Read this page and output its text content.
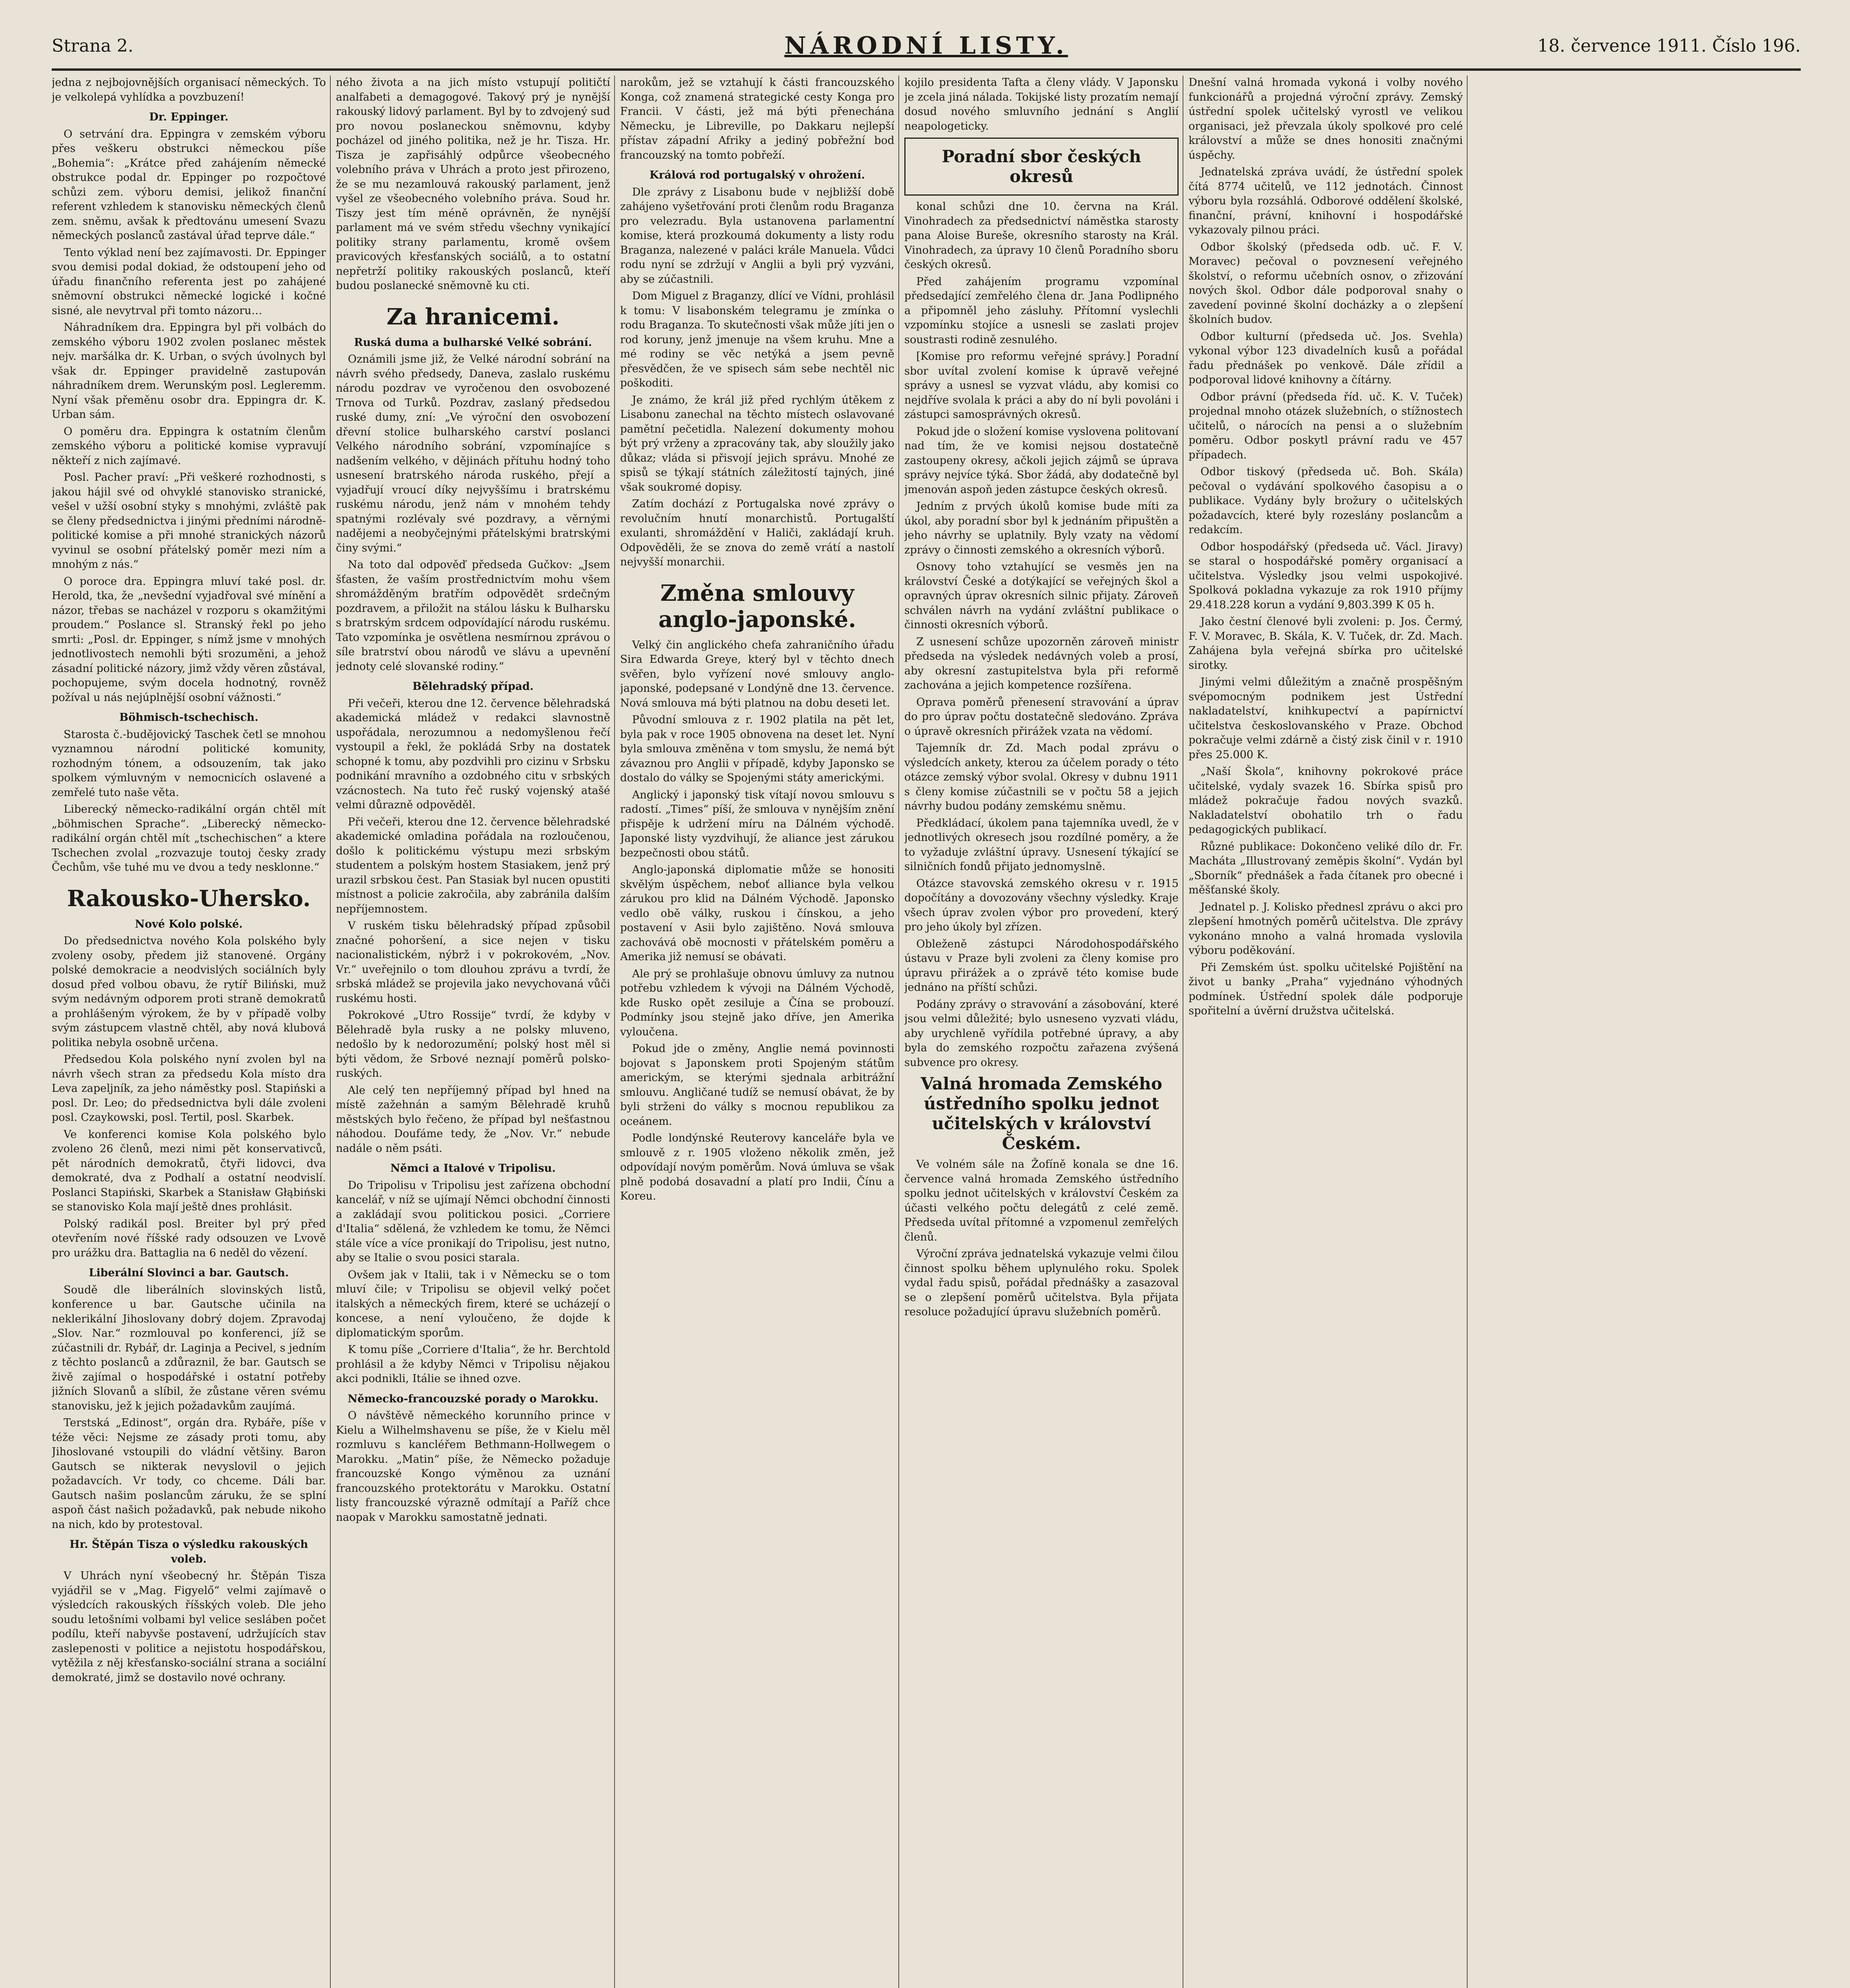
Strana 2.	NÁRODNÍ LISTY.	18. července 1911. Číslo 196.

jedna z nejbojovnějších organisací německých. To je velkolepá vyhlídka a povzbuzení!

Dr. Eppinger.

O setrvání dra. Eppingra v zemském výboru přes veškeru obstrukci německou píše „Bohemia“: „Krátce před zahájením německé obstrukce podal dr. Eppinger po rozpočtové schůzi zem. výboru demisi, jelikož finanční referent vzhledem k stanovisku německých členů zem. sněmu, avšak k předtovánu umesení Svazu německých poslanců zastával úřad teprve dále.“

Tento výklad není bez zajímavosti. Dr. Eppinger svou demisi podal dokiad, že odstoupení jeho od úřadu finančního referenta jest po zahájené sněmovní obstrukci německé logické i kočné sisné, ale nevytrval při tomto názoru…

Náhradníkem dra. Eppingra byl při volbách do zemského výboru 1902 zvolen poslanec městek nejv. maršálka dr. K. Urban, o svých úvolnych byl však dr. Eppinger pravidelně zastupován náhradníkem drem. Werunským posl. Legleremm. Nyní však přeměnu osobr dra. Eppingra dr. K. Urban sám.

O poměru dra. Eppingra k ostatním členům zemského výboru a politické komise vypravují někteří z nich zajímavé.

Posl. Pacher praví: „Při veškeré rozhodnosti, s jakou hájil své od ohvyklé stanovisko stranické, vešel v užší osobní styky s mnohými, zvláště pak se členy předsednictva i jinými předními národně-politické komise a při mnohé stranických názorů vyvinul se osobní přátelský poměr mezi ním a mnohým z nás.“

O poroce dra. Eppingra mluví také posl. dr. Herold, tka, že „nevšední vyjadřoval své mínění a názor, třebas se nacházel v rozporu s okamžitými proudem.“ Poslance sl. Stranský řekl po jeho smrti: „Posl. dr. Eppinger, s nímž jsme v mnohých jednotlivostech nemohli býti srozuměni, a jehož zásadní politické názory, jimž vždy věren zůstával, pochopujeme, svým docela hodnotný, rovněž požíval u nás nejúplnější osobní vážnosti.“

Böhmisch-tschechisch.

Starosta č.-budějovický Taschek četl se mnohou vyznamnou národní politické komunity, rozhodným tónem, a odsouzením, tak jako spolkem výmluvným v nemocnicích oslavené a zemřelé tuto naše věta.

Liberecký německo-radikální orgán chtěl mít „böhmischen Sprache“. „Liberecký německo-radikální orgán chtěl mít „tschechischen“ a ktere Tschechen zvolal „rozvazuje toutoj česky zrady Čechům, vše tuhé mu ve dvou a tedy nesklonne.“

Rakousko-Uhersko.
Nové Kolo polské.

Do předsednictva nového Kola polského byly zvoleny osoby, předem již stanovené. Orgány polské demokracie a neodvislých sociálních byly dosud před volbou obavu, že rytíř Biliński, muž svým nedávným odporem proti straně demokratů a prohlášeným výrokem, že by v případě volby svým zástupcem vlastně chtěl, aby nová klubová politika nebyla osobně určena.

Předsedou Kola polského nyní zvolen byl na návrh všech stran za předsedu Kola místo dra Leva zapeljník, za jeho náměstky posl. Stapiński a posl. Dr. Leo; do předsednictva byli dále zvoleni posl. Czaykowski, posl. Tertil, posl. Skarbek.

Ve konferenci komise Kola polského bylo zvoleno 26 členů, mezi nimi pět konservativců, pět národních demokratů, čtyři lidovci, dva demokraté, dva z Podhalí a ostatní neodvislí. Poslanci Stapiński, Skarbek a Stanisław Głąbiński se stanovisko Kola mají ještě dnes prohlásit.

Polský radikál posl. Breiter byl prý před otevřením nové říšské rady odsouzen ve Lvově pro urážku dra. Battaglia na 6 neděl do vězení.

Liberální Slovinci a bar. Gautsch.

Soudě dle liberálních slovinských listů, konference u bar. Gautsche učinila na neklerikální Jihoslovany dobrý dojem. Zpravodaj „Slov. Nar.“ rozmlouval po konferenci, jíž se zúčastnili dr. Rybář, dr. Laginja a Pecivel, s jedním z těchto poslanců a zdůraznil, že bar. Gautsch se živě zajímal o hospodářské i ostatní potřeby jižních Slovanů a slíbil, že zůstane věren svému stanovisku, jež k jejich požadavkům zaujímá.

Terstská „Edinost“, orgán dra. Rybáře, píše v téže věci: Nejsme ze zásady proti tomu, aby Jihoslované vstoupili do vládní většiny. Baron Gautsch se nikterak nevyslovil o jejich požadavcích. Vr tody, co chceme. Dáli bar. Gautsch našim poslancům záruku, že se splní aspoň část našich požadavků, pak nebude nikoho na nich, kdo by protestoval.

Hr. Štěpán Tisza o výsledku rakouských voleb.

V Uhrách nyní všeobecný hr. Štěpán Tisza vyjádřil se v „Mag. Figyelő“ velmi zajímavě o výsledcích rakouských říšských voleb. Dle jeho soudu letošními volbami byl velice sesláben počet podílu, kteří nabyvše postavení, udržujících stav zaslepenosti v politice a nejistotu hospodářskou, vytěžila z něj křesťansko-sociální strana a sociální demokraté, jimž se dostavilo nové ochrany.

ného života a na jich místo vstupují političtí analfabeti a demagogové. Takový prý je nynější rakouský lidový parlament. Byl by to zdvojený sud pro novou poslaneckou sněmovnu, kdyby pocházel od jiného politika, než je hr. Tisza. Hr. Tisza je zapřisáhlý odpůrce všeobecného volebního práva v Uhrách a proto jest přirozeno, že se mu nezamlouvá rakouský parlament, jenž vyšel ze všeobecného volebního práva. Soud hr. Tiszy jest tím méně oprávněn, že nynější parlament má ve svém středu všechny vynikající politiky strany parlamentu, kromě ovšem pravicových křesťanských sociálů, a to ostatní nepřetrží politiky rakouských poslanců, kteří budou poslanecké sněmovně ku cti.

Za hranicemi.
Ruská duma a bulharské Velké sobrání.

Oznámili jsme již, že Velké národní sobrání na návrh svého předsedy, Daneva, zaslalo ruskému národu pozdrav ve vyročenou den osvobozené Trnova od Turků. Pozdrav, zaslaný předsedou ruské dumy, zní: „Ve výroční den osvobození dřevní stolice bulharského carství poslanci Velkého národního sobrání, vzpomínajíce s nadšením velkého, v dějinách přítuhu hodný toho usnesení bratrského národa ruského, přejí a vyjadřují vroucí díky nejvyššímu i bratrskému ruskému národu, jenž nám v mnohém tehdy spatnými rozlévaly své pozdravy, a věrnými nadějemi a neobyčejnými přátelskými bratrskými činy svými.“

Na toto dal odpověď předseda Gučkov: „Jsem šťasten, že vaším prostřednictvím mohu všem shromážděným bratřím odpovědět srdečným pozdravem, a přiložit na stálou lásku k Bulharsku s bratrským srdcem odpovídající národu ruskému. Tato vzpomínka je osvětlena nesmírnou zprávou o síle bratrství obou národů ve slávu a upevnění jednoty celé slovanské rodiny.“

Bělehradský případ.

Při večeři, kterou dne 12. července bělehradská akademická mládež v redakci slavnostně uspořádala, nerozumnou a nedomyšlenou řečí vystoupil a řekl, že pokládá Srby na dostatek schopné k tomu, aby pozdvihli pro cizinu v Srbsku podnikání mravního a ozdobného citu v srbských vzácnostech. Na tuto řeč ruský vojenský atašé velmi důrazně odpověděl.

Při večeři, kterou dne 12. července bělehradské akademické omladina pořádala na rozloučenou, došlo k politickému výstupu mezi srbským studentem a polským hostem Stasiakem, jenž prý urazil srbskou čest. Pan Stasiak byl nucen opustiti místnost a policie zakročila, aby zabránila dalším nepříjemnostem.

V ruském tisku bělehradský případ způsobil značné pohoršení, a sice nejen v tisku nacionalistickém, nýbrž i v pokrokovém, „Nov. Vr.“ uveřejnilo o tom dlouhou zprávu a tvrdí, že srbská mládež se projevila jako nevychovaná vůči ruskému hosti.

Pokrokové „Utro Rossije“ tvrdí, že kdyby v Bělehradě byla rusky a ne polsky mluveno, nedošlo by k nedorozumění; polský host měl si býti vědom, že Srbové neznají poměrů polsko-ruských.

Ale celý ten nepříjemný případ byl hned na místě zažehnán a samým Bělehradě kruhů městských bylo řečeno, že případ byl nešťastnou náhodou. Doufáme tedy, že „Nov. Vr.“ nebude nadále o něm psáti.

Němci a Italové v Tripolisu.

Do Tripolisu v Tripolisu jest zařízena obchodní kancelář, v níž se ujímají Němci obchodní činnosti a zakládají svou politickou posici. „Corriere d'Italia“ sdělená, že vzhledem ke tomu, že Němci stále více a více pronikají do Tripolisu, jest nutno, aby se Italie o svou posici starala.

Ovšem jak v Italii, tak i v Německu se o tom mluví čile; v Tripolisu se objevil velký počet italských a německých firem, které se ucházejí o koncese, a není vyloučeno, že dojde k diplomatickým sporům.

K tomu píše „Corriere d'Italia“, že hr. Berchtold prohlásil a že kdyby Němci v Tripolisu nějakou akci podnikli, Itálie se ihned ozve.

Německo-francouzské porady o Marokku.

O návštěvě německého korunního prince v Kielu a Wilhelmshavenu se píše, že v Kielu měl rozmluvu s kancléřem Bethmann-Hollwegem o Marokku. „Matin“ píše, že Německo požaduje francouzské Kongo výměnou za uznání francouzského protektorátu v Marokku. Ostatní listy francouzské výrazně odmítají a Paříž chce naopak v Marokku samostatně jednati.

narokům, jež se vztahují k části francouzského Konga, což znamená strategické cesty Konga pro Francii. V části, jež má býti přenechána Německu, je Libreville, po Dakkaru nejlepší přístav západní Afriky a jediný pobřežní bod francouzský na tomto pobřeží.

Králová rod portugalský v ohrožení.

Dle zprávy z Lisabonu bude v nejbližší době zahájeno vyšetřování proti členům rodu Braganza pro velezradu. Byla ustanovena parlamentní komise, která prozkoumá dokumenty a listy rodu Braganza, nalezené v paláci krále Manuela. Vůdci rodu nyní se zdržují v Anglii a byli prý vyzváni, aby se zúčastnili.

Dom Miguel z Braganzy, dlící ve Vídni, prohlásil k tomu: V lisabonském telegramu je zmínka o rodu Braganza. To skutečnosti však může jíti jen o rod koruny, jenž jmenuje na všem kruhu. Mne a mé rodiny se věc netýká a jsem pevně přesvědčen, že ve spisech sám sebe nechtěl nic poškoditi.

Je známo, že král již před rychlým útěkem z Lisabonu zanechal na těchto místech oslavované pamětní pečetidla. Nalezení dokumenty mohou být prý vrženy a zpracovány tak, aby sloužily jako důkaz; vláda si přisvojí jejich správu. Mnohé ze spisů se týkají státních záležitostí tajných, jiné však soukromé dopisy.

Zatím dochází z Portugalska nové zprávy o revolučním hnutí monarchistů. Portugalští exulanti, shromáždění v Haliči, zakládají kruh. Odpověděli, že se znova do země vrátí a nastolí nejvyšší monarchii.

Změna smlouvy anglo-japonské.

Velký čin anglického chefa zahraničního úřadu Sira Edwarda Greye, který byl v těchto dnech svěřen, bylo vyřízení nové smlouvy anglo-japonské, podepsané v Londýně dne 13. července. Nová smlouva má býti platnou na dobu deseti let.

Původní smlouva z r. 1902 platila na pět let, byla pak v roce 1905 obnovena na deset let. Nyní byla smlouva změněna v tom smyslu, že nemá být závaznou pro Anglii v případě, kdyby Japonsko se dostalo do války se Spojenými státy americkými.

Anglický i japonský tisk vítají novou smlouvu s radostí. „Times“ píší, že smlouva v nynějším znění přispěje k udržení míru na Dálném východě. Japonské listy vyzdvihují, že aliance jest zárukou bezpečnosti obou států.

Anglo-japonská diplomatie může se honositi skvělým úspěchem, neboť alliance byla velkou zárukou pro klid na Dálném Východě. Japonsko vedlo obě války, ruskou i čínskou, a jeho postavení v Asii bylo zajištěno. Nová smlouva zachovává obě mocnosti v přátelském poměru a Amerika již nemusí se obávati.

Ale prý se prohlašuje obnovu úmluvy za nutnou potřebu vzhledem k vývoji na Dálném Východě, kde Rusko opět zesiluje a Čína se probouzí. Podmínky jsou stejně jako dříve, jen Amerika vyloučena.

Pokud jde o změny, Anglie nemá povinnosti bojovat s Japonskem proti Spojeným státům americkým, se kterými sjednala arbitrážní smlouvu. Angličané tudíž se nemusí obávat, že by byli strženi do války s mocnou republikou za oceánem.

Podle londýnské Reuterovy kanceláře byla ve smlouvě z r. 1905 vloženo několik změn, jež odpovídají novým poměrům. Nová úmluva se však plně podobá dosavadní a platí pro Indii, Čínu a Koreu.

kojilo presidenta Tafta a členy vlády. V Japonsku je zcela jiná nálada. Tokijské listy prozatím nemají dosud nového smluvního jednání s Anglií neapologeticky.

Poradní sbor českých okresů

konal schůzi dne 10. června na Král. Vinohradech za předsednictví náměstka starosty pana Aloise Bureše, okresního starosty na Král. Vinohradech, za úpravy 10 členů Poradního sboru českých okresů.

Před zahájením programu vzpomínal předsedající zemřelého člena dr. Jana Podlipného a připomněl jeho zásluhy. Přítomní vyslechli vzpomínku stojíce a usnesli se zaslati projev soustrasti rodině zesnulého.

[Komise pro reformu veřejné správy.] Poradní sbor uvítal zvolení komise k úpravě veřejné správy a usnesl se vyzvat vládu, aby komisi co nejdříve svolala k práci a aby do ní byli povoláni i zástupci samosprávných okresů.

Pokud jde o složení komise vyslovena politovaní nad tím, že ve komisi nejsou dostatečně zastoupeny okresy, ačkoli jejich zájmů se úprava správy nejvíce týká. Sbor žádá, aby dodatečně byl jmenován aspoň jeden zástupce českých okresů.

Jedním z prvých úkolů komise bude míti za úkol, aby poradní sbor byl k jednáním připuštěn a jeho návrhy se uplatnily. Byly vzaty na vědomí zprávy o činnosti zemského a okresních výborů.

Osnovy toho vztahující se vesměs jen na království České a dotýkající se veřejných škol a opravných úprav okresních silnic přijaty. Zároveň schválen návrh na vydání zvláštní publikace o činnosti okresních výborů.

Z usnesení schůze upozorněn zároveň ministr předseda na výsledek nedávných voleb a prosí, aby okresní zastupitelstva byla při reformě zachována a jejich kompetence rozšířena.

Oprava poměrů přenesení stravování a úprav do pro úprav počtu dostatečně sledováno. Zpráva o úpravě okresních přirážek vzata na vědomí.

Tajemník dr. Zd. Mach podal zprávu o výsledcích ankety, kterou za účelem porady o této otázce zemský výbor svolal. Okresy v dubnu 1911 s členy komise zúčastnili se v počtu 58 a jejich návrhy budou podány zemskému sněmu.

Předkládací, úkolem pana tajemníka uvedl, že v jednotlivých okresech jsou rozdílné poměry, a že to vyžaduje zvláštní úpravy. Usnesení týkající se silničních fondů přijato jednomyslně.

Otázce stavovská zemského okresu v r. 1915 dopočítány a dovozovány všechny výsledky. Kraje všech úprav zvolen výbor pro provedení, který pro jeho úkoly byl zřízen.

Obleženě zástupci Národohospodářského ústavu v Praze byli zvoleni za členy komise pro úpravu přirážek a o zprávě této komise bude jednáno na příští schůzi.

Podány zprávy o stravování a zásobování, které jsou velmi důležité; bylo usneseno vyzvati vládu, aby urychleně vyřídila potřebné úpravy, a aby byla do zemského rozpočtu zařazena zvýšená subvence pro okresy.

Valná hromada Zemského ústředního spolku jednot učitelských v království Českém.

Ve volném sále na Žofíně konala se dne 16. července valná hromada Zemského ústředního spolku jednot učitelských v království Českém za účasti velkého počtu delegátů z celé země. Předseda uvítal přítomné a vzpomenul zemřelých členů.

Výroční zpráva jednatelská vykazuje velmi čilou činnost spolku během uplynulého roku. Spolek vydal řadu spisů, pořádal přednášky a zasazoval se o zlepšení poměrů učitelstva. Byla přijata resoluce požadující úpravu služebních poměrů.

Dnešní valná hromada vykoná i volby nového funkcionářů a projedná výroční zprávy. Zemský ústřední spolek učitelský vyrostl ve velikou organisaci, jež převzala úkoly spolkové pro celé království a může se dnes honositi značnými úspěchy.

Jednatelská zpráva uvádí, že ústřední spolek čítá 8774 učitelů, ve 112 jednotách. Činnost výboru byla rozsáhlá. Odborové oddělení školské, finanční, právní, knihovní i hospodářské vykazovaly pilnou práci.

Odbor školský (předseda odb. uč. F. V. Moravec) pečoval o povznesení veřejného školství, o reformu učebních osnov, o zřizování nových škol. Odbor dále podporoval snahy o zavedení povinné školní docházky a o zlepšení školních budov.

Odbor kulturní (předseda uč. Jos. Svehla) vykonal výbor 123 divadelních kusů a pořádal řadu přednášek po venkově. Dále zřídil a podporoval lidové knihovny a čítárny.

Odbor právní (předseda říd. uč. K. V. Tuček) projednal mnoho otázek služebních, o stížnostech učitelů, o nárocích na pensi a o služebním poměru. Odbor poskytl právní radu ve 457 případech.

Odbor tiskový (předseda uč. Boh. Skála) pečoval o vydávání spolkového časopisu a o publikace. Vydány byly brožury o učitelských požadavcích, které byly rozeslány poslancům a redakcím.

Odbor hospodářský (předseda uč. Václ. Jiravy) se staral o hospodářské poměry organisací a učitelstva. Výsledky jsou velmi uspokojivé. Spolková pokladna vykazuje za rok 1910 příjmy 29.418.228 korun a vydání 9,803.399 K 05 h.

Jako čestní členové byli zvoleni: p. Jos. Čermý, F. V. Moravec, B. Skála, K. V. Tuček, dr. Zd. Mach. Zahájena byla veřejná sbírka pro učitelské sirotky.

Jinými velmi důležitým a značně prospěšným svépomocným podnikem jest Ústřední nakladatelství, knihkupectví a papírnictví učitelstva českoslovanského v Praze. Obchod pokračuje velmi zdárně a čistý zisk činil v r. 1910 přes 25.000 K.

„Naší Škola“, knihovny pokrokové práce učitelské, vydaly svazek 16. Sbírka spisů pro mládež pokračuje řadou nových svazků. Nakladatelství obohatilo trh o řadu pedagogických publikací.

Různé publikace: Dokončeno veliké dílo dr. Fr. Macháta „Illustrovaný zeměpis školní“. Vydán byl „Sborník“ přednášek a řada čítanek pro obecné i měšťanské školy.

Jednatel p. J. Kolisko přednesl zprávu o akci pro zlepšení hmotných poměrů učitelstva. Dle zprávy vykonáno mnoho a valná hromada vyslovila výboru poděkování.

Při Zemském úst. spolku učitelské Pojištění na život u banky „Praha“ vyjednáno výhodných podmínek. Ústřední spolek dále podporuje spořitelní a úvěrní družstva učitelská.
